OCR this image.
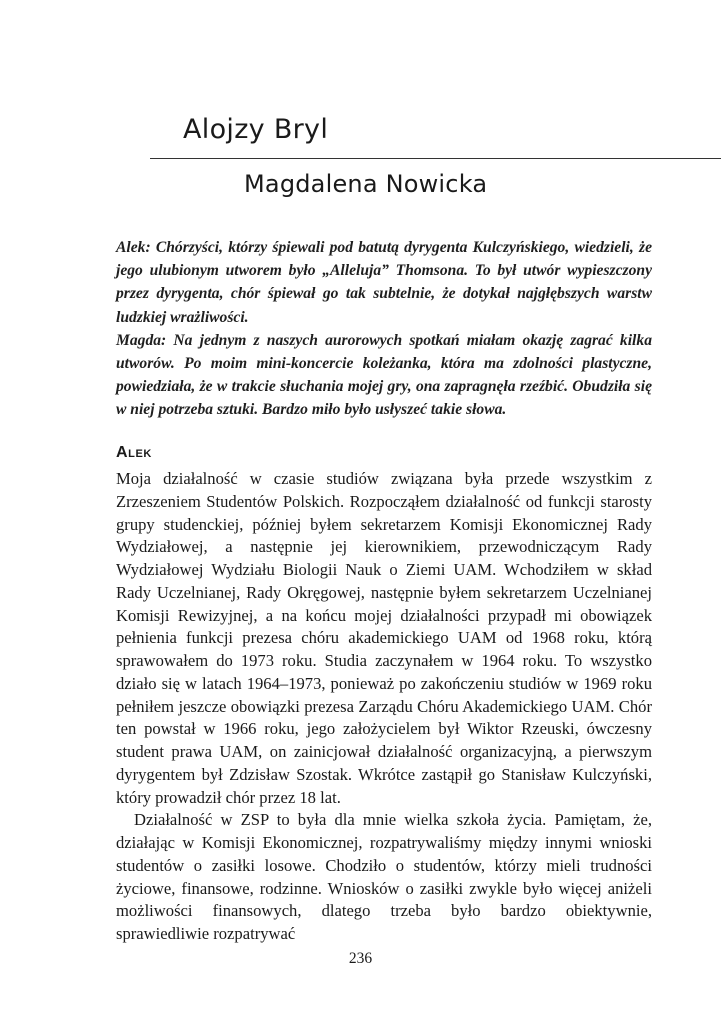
Alojzy Bryl
Magdalena Nowicka

Alek: Chórzyści, którzy śpiewali pod batutą dyrygenta Kulczyńskiego, wiedzieli, że jego ulubionym utworem było „Alleluja” Thomsona. To był utwór wypieszczony przez dyrygenta, chór śpiewał go tak subtelnie, że dotykał najgłębszych warstw ludzkiej wrażliwości.

Magda: Na jednym z naszych aurorowych spotkań miałam okazję zagrać kilka utworów. Po moim mini-koncercie koleżanka, która ma zdolności plastyczne, powiedziała, że w trakcie słuchania mojej gry, ona zapragnęła rzeźbić. Obudziła się w niej potrzeba sztuki. Bardzo miło było usłyszeć takie słowa.

Alek

Moja działalność w czasie studiów związana była przede wszystkim z Zrzeszeniem Studentów Polskich. Rozpocząłem działalność od funkcji starosty grupy studenckiej, później byłem sekretarzem Komisji Ekonomicznej Rady Wydziałowej, a następnie jej kierownikiem, przewodniczącym Rady Wydziałowej Wydziału Biologii Nauk o Ziemi UAM. Wchodziłem w skład Rady Uczelnianej, Rady Okręgowej, następnie byłem sekretarzem Uczelnianej Komisji Rewizyjnej, a na końcu mojej działalności przypadł mi obowiązek pełnienia funkcji prezesa chóru akademickiego UAM od 1968 roku, którą sprawowałem do 1973 roku. Studia zaczynałem w 1964 roku. To wszystko działo się w latach 1964–1973, ponieważ po zakończeniu studiów w 1969 roku pełniłem jeszcze obowiązki prezesa Zarządu Chóru Akademickiego UAM. Chór ten powstał w 1966 roku, jego założycielem był Wiktor Rzeuski, ówczesny student prawa UAM, on zainicjował działalność organizacyjną, a pierwszym dyrygentem był Zdzisław Szostak. Wkrótce zastąpił go Stanisław Kulczyński, który prowadził chór przez 18 lat.

Działalność w ZSP to była dla mnie wielka szkoła życia. Pamiętam, że, działając w Komisji Ekonomicznej, rozpatrywaliśmy między innymi wnioski studentów o zasiłki losowe. Chodziło o studentów, którzy mieli trudności życiowe, finansowe, rodzinne. Wniosków o zasiłki zwykle było więcej aniżeli możliwości finansowych, dlatego trzeba było bardzo obiektywnie, sprawiedliwie rozpatrywać

236
